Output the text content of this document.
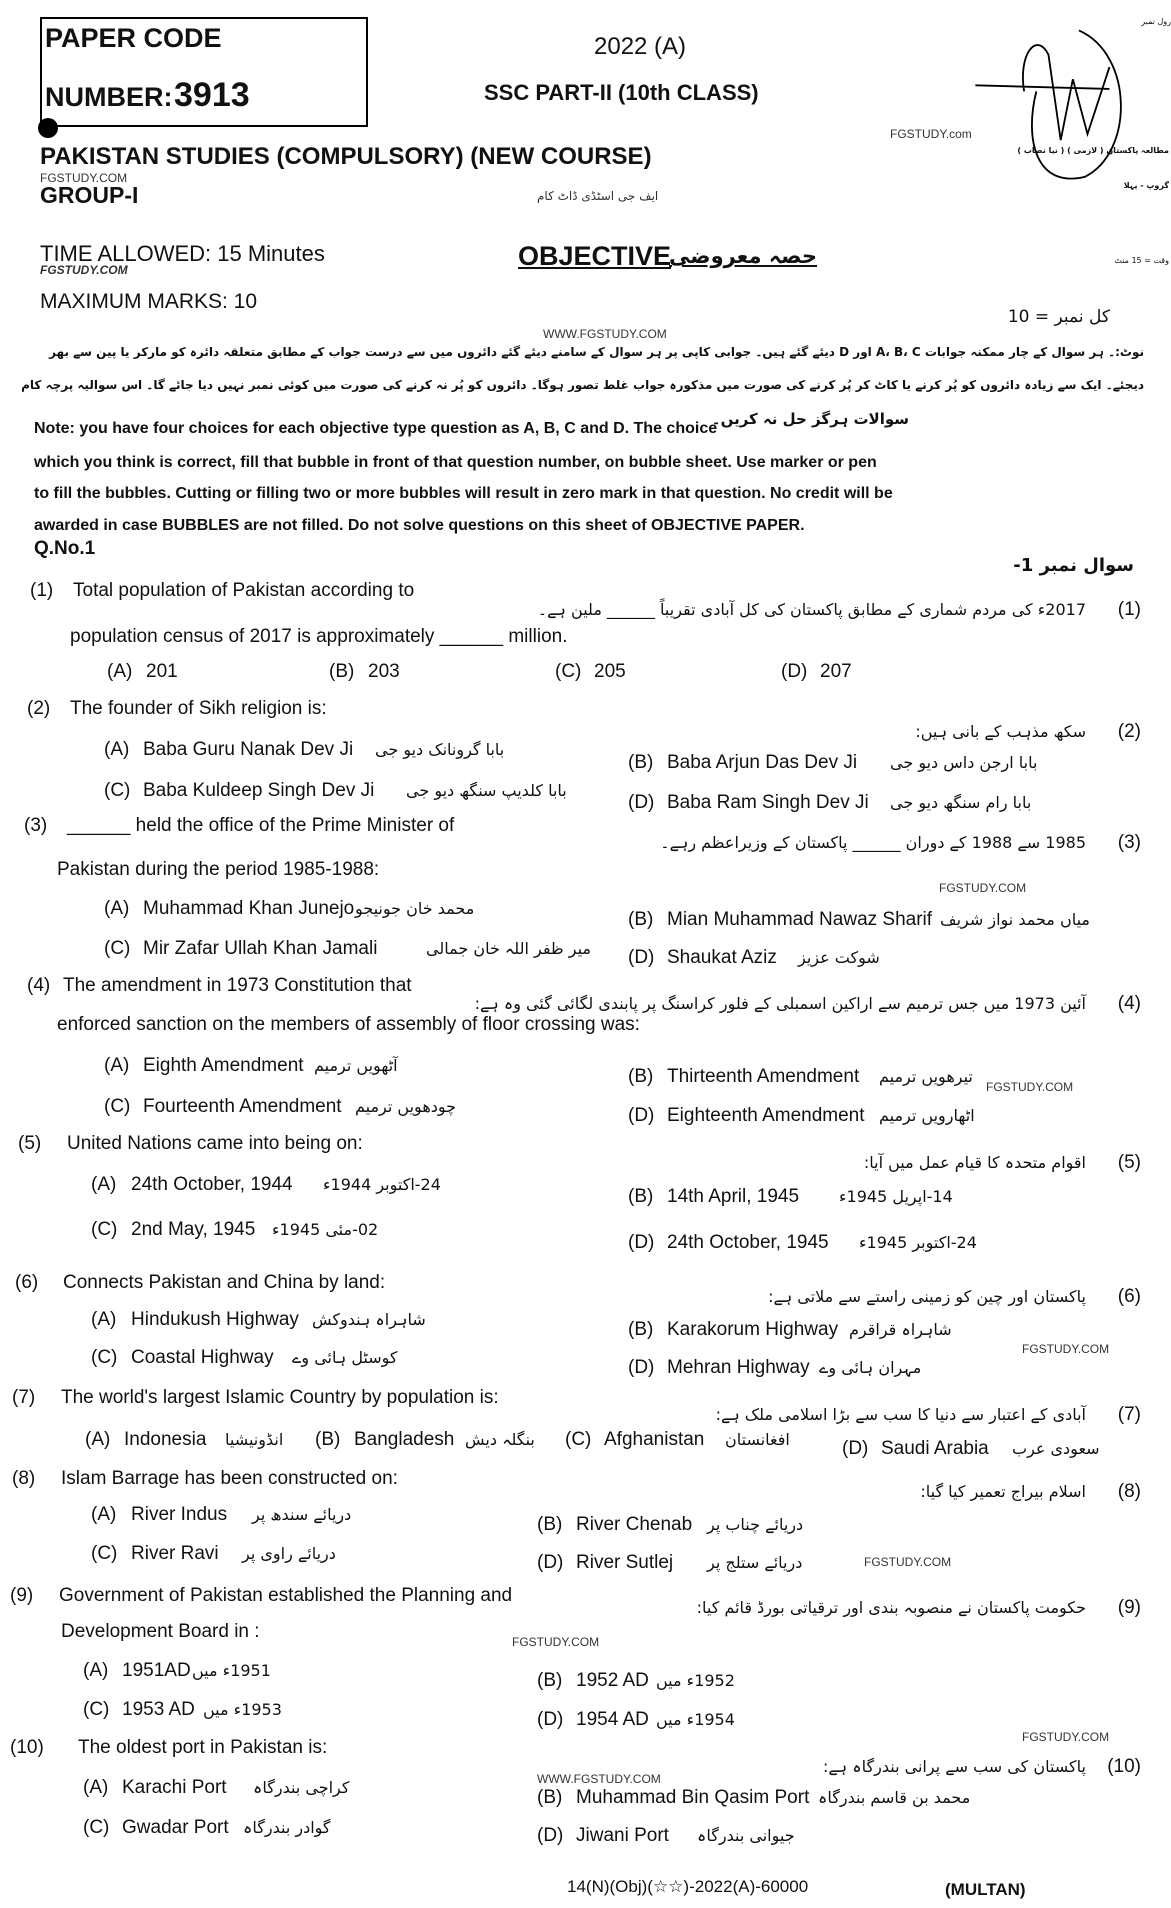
PAPER CODE
NUMBER: 3913
2022 (A)
SSC PART-II (10th CLASS)
رول نمبر
PAKISTAN STUDIES (COMPULSORY) (NEW COURSE)	مطالعہ پاکستان ( لازمی ) ( نیا نصاب )
GROUP-I	گروپ - پہلا
TIME ALLOWED: 15 Minutes	OBJECTIVE
حصہ معروضی	وقت = 15 منٹ
MAXIMUM MARKS: 10
کل نمبر = 10
FGSTUDY.com
FGSTUDY.COM
ایف جی اسٹڈی ڈاٹ کام
FGSTUDY.COM
WWW.FGSTUDY.COM
FGSTUDY.COM
FGSTUDY.COM
FGSTUDY.COM
FGSTUDY.COM
FGSTUDY.COM
FGSTUDY.COM
WWW.FGSTUDY.COM
نوٹ:۔ ہر سوال کے چار ممکنہ جوابات A، B، C اور D دیئے گئے ہیں۔ جوابی کاپی پر ہر سوال کے سامنے دیئے گئے دائروں میں سے درست جواب کے مطابق متعلقہ دائرہ کو مارکر یا پین سے بھر
دیجئے۔ ایک سے زیادہ دائروں کو پُر کرنے یا کاٹ کر پُر کرنے کی صورت میں مذکورہ جواب غلط تصور ہوگا۔ دائروں کو پُر نہ کرنے کی صورت میں کوئی نمبر نہیں دیا جائے گا۔ اس سوالیہ پرچہ کام
سوالات ہرگز حل نہ کریں۔
Note: you have four choices for each objective type question as A, B, C and D. The choice
which you think is correct, fill that bubble in front of that question number, on bubble sheet. Use marker or pen
to fill the bubbles. Cutting or filling two or more bubbles will result in zero mark in that question. No credit will be
awarded in case BUBBLES are not filled. Do not solve questions on this sheet of OBJECTIVE PAPER.
Q.No.1
سوال نمبر 1-
(1)
(1)
Total population of Pakistan according to
population census of 2017 is approximately ______ million.
2017ء کی مردم شماری کے مطابق پاکستان کی کل آبادی تقریباً ______ ملین ہے۔
(A) 201	(B) 203	(C) 205	(D) 207
(2)
(2)
The founder of Sikh religion is:
سکھ مذہب کے بانی ہیں:
(A) Baba Guru Nanak Dev Ji بابا گرونانک دیو جی
(B) Baba Arjun Das Dev Ji بابا ارجن داس دیو جی
(C) Baba Kuldeep Singh Dev Ji بابا کلدیپ سنگھ دیو جی
(D) Baba Ram Singh Dev Ji بابا رام سنگھ دیو جی
(3)
(3)
______ held the office of the Prime Minister of
Pakistan during the period 1985-1988:
1985 سے 1988 کے دوران ______ پاکستان کے وزیراعظم رہے۔
(A) Muhammad Khan Junejo محمد خان جونیجو
(B) Mian Muhammad Nawaz Sharif میاں محمد نواز شریف
(C) Mir Zafar Ullah Khan Jamali	میر ظفر اللہ خان جمالی (D) Shaukat Aziz شوکت عزیز
(4)
(4)
The amendment in 1973 Constitution that
enforced sanction on the members of assembly of floor crossing was:
آئین 1973 میں جس ترمیم سے اراکین اسمبلی کے فلور کراسنگ پر پابندی لگائی گئی وہ ہے:
(A) Eighth Amendment آٹھویں ترمیم
(B) Thirteenth Amendment تیرھویں ترمیم
(C) Fourteenth Amendment چودھویں ترمیم	(D) Eighteenth Amendment اٹھارویں ترمیم
(5)
(5)
United Nations came into being on:
اقوام متحدہ کا قیام عمل میں آیا:
(A) 24th October, 1944 24-اکتوبر 1944ء
(B) 14th April, 1945 14-اپریل 1945ء
(C) 2nd May, 1945 02-مئی 1945ء
(D) 24th October, 1945 24-اکتوبر 1945ء
(6)
(6)
Connects Pakistan and China by land:
پاکستان اور چین کو زمینی راستے سے ملاتی ہے:
(A) Hindukush Highway شاہراہ ہندوکش	(B) Karakorum Highway شاہراہ قراقرم
(C) Coastal Highway کوسٹل ہائی وے	(D) Mehran Highway مہران ہائی وے
(7)
(7)
The world's largest Islamic Country by population is:
آبادی کے اعتبار سے دنیا کا سب سے بڑا اسلامی ملک ہے:
(A) Indonesia انڈونیشیا (B) Bangladesh بنگلہ دیش (C) Afghanistan افغانستان	(D) Saudi Arabia سعودی عرب
(8)
(8)
Islam Barrage has been constructed on:
اسلام بیراج تعمیر کیا گیا:
(A) River Indus دریائے سندھ پر	(B) River Chenab دریائے چناب پر
(C) River Ravi دریائے راوی پر	(D) River Sutlej دریائے ستلج پر
(9)
(9)
Government of Pakistan established the Planning and
Development Board in :
حکومت پاکستان نے منصوبہ بندی اور ترقیاتی بورڈ قائم کیا:
(A) 1951AD 1951ء میں	(B) 1952 AD 1952ء میں
(C) 1953 AD 1953ء میں	(D) 1954 AD 1954ء میں
(10)
(10)
The oldest port in Pakistan is:
پاکستان کی سب سے پرانی بندرگاہ ہے:
(A) Karachi Port کراچی بندرگاہ	(B) Muhammad Bin Qasim Port محمد بن قاسم بندرگاہ
(C) Gwadar Port گوادر بندرگاہ	(D) Jiwani Port جیوانی بندرگاہ
14(N)(Obj)(☆☆)-2022(A)-60000	(MULTAN)
